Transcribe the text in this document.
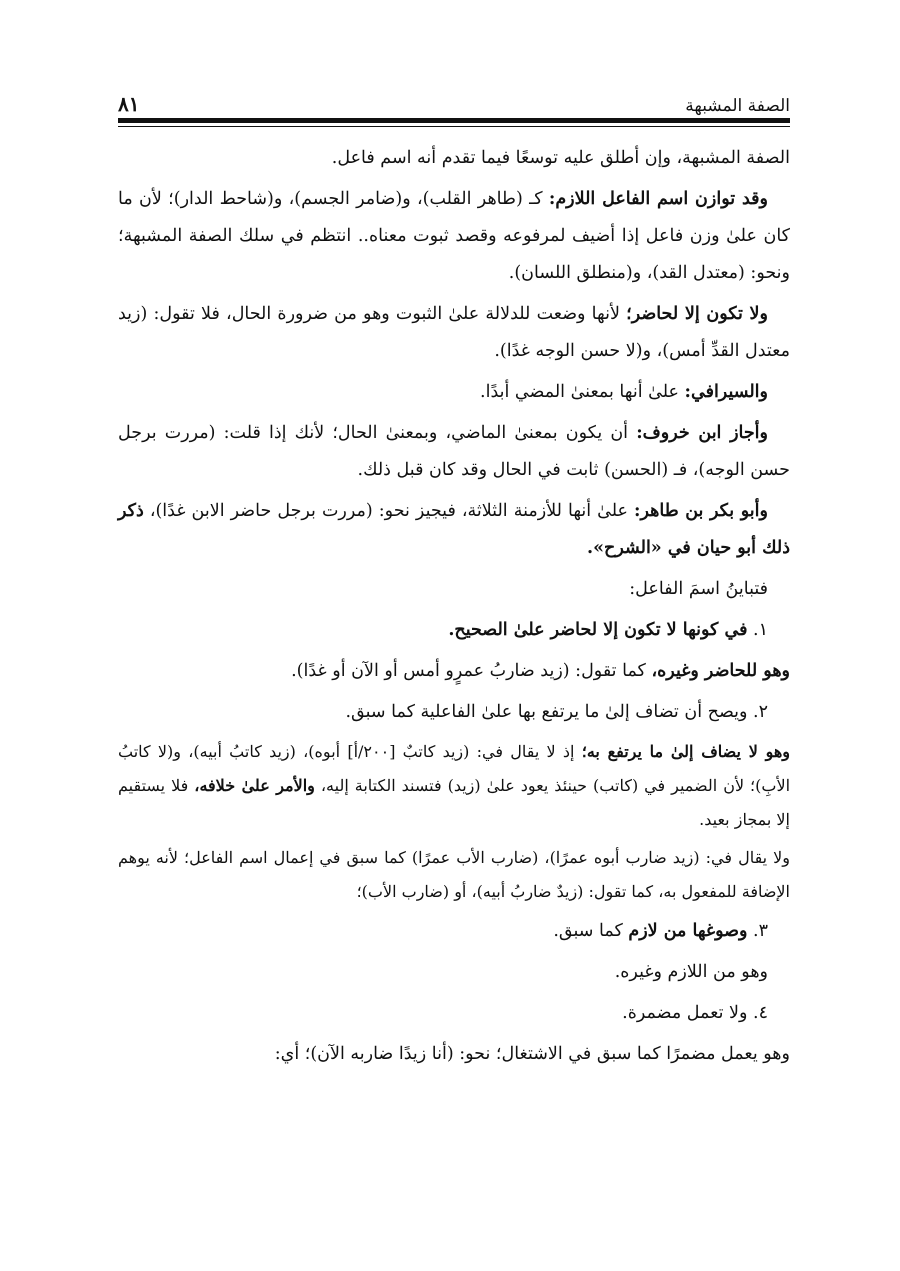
الصفة المشبهة
٨١

الصفة المشبهة، وإن أطلق عليه توسعًا فيما تقدم أنه اسم فاعل.

وقد توازن اسم الفاعل اللازم: كـ (طاهر القلب)، و(ضامر الجسم)، و(شاحط الدار)؛ لأن ما كان علىٰ وزن فاعل إذا أضيف لمرفوعه وقصد ثبوت معناه.. انتظم في سلك الصفة المشبهة؛ ونحو: (معتدل القد)، و(منطلق اللسان).

ولا تكون إلا لحاضر؛ لأنها وضعت للدلالة علىٰ الثبوت وهو من ضرورة الحال، فلا تقول: (زيد معتدل القدِّ أمس)، و(لا حسن الوجه غدًا).

والسيرافي: علىٰ أنها بمعنىٰ المضي أبدًا.

وأجاز ابن خروف: أن يكون بمعنىٰ الماضي، وبمعنىٰ الحال؛ لأنك إذا قلت: (مررت برجل حسن الوجه)، فـ (الحسن) ثابت في الحال وقد كان قبل ذلك.

وأبو بكر بن طاهر: علىٰ أنها للأزمنة الثلاثة، فيجيز نحو: (مررت برجل حاضر الابن غدًا)، ذكر ذلك أبو حيان في «الشرح».

فتباينُ اسمَ الفاعل:

١. في كونها لا تكون إلا لحاضر علىٰ الصحيح.

وهو للحاضر وغيره، كما تقول: (زيد ضاربُ عمرٍو أمس أو الآن أو غدًا).

٢. ويصح أن تضاف إلىٰ ما يرتفع بها علىٰ الفاعلية كما سبق.

وهو لا يضاف إلىٰ ما يرتفع به؛ إذ لا يقال في: (زيد كاتبٌ [٢٠٠/أ] أبوه)، (زيد كاتبُ أبيه)، و(لا كاتبُ الأبِ)؛ لأن الضمير في (كاتب) حينئذ يعود علىٰ (زيد) فتسند الكتابة إليه، والأمر علىٰ خلافه، فلا يستقيم إلا بمجاز بعيد.

ولا يقال في: (زيد ضارب أبوه عمرًا)، (ضارب الأب عمرًا) كما سبق في إعمال اسم الفاعل؛ لأنه يوهم الإضافة للمفعول به، كما تقول: (زيدٌ ضاربُ أبيه)، أو (ضارب الأب)؛

٣. وصوغها من لازم كما سبق.

وهو من اللازم وغيره.

٤. ولا تعمل مضمرة.

وهو يعمل مضمرًا كما سبق في الاشتغال؛ نحو: (أنا زيدًا ضاربه الآن)؛ أي:
